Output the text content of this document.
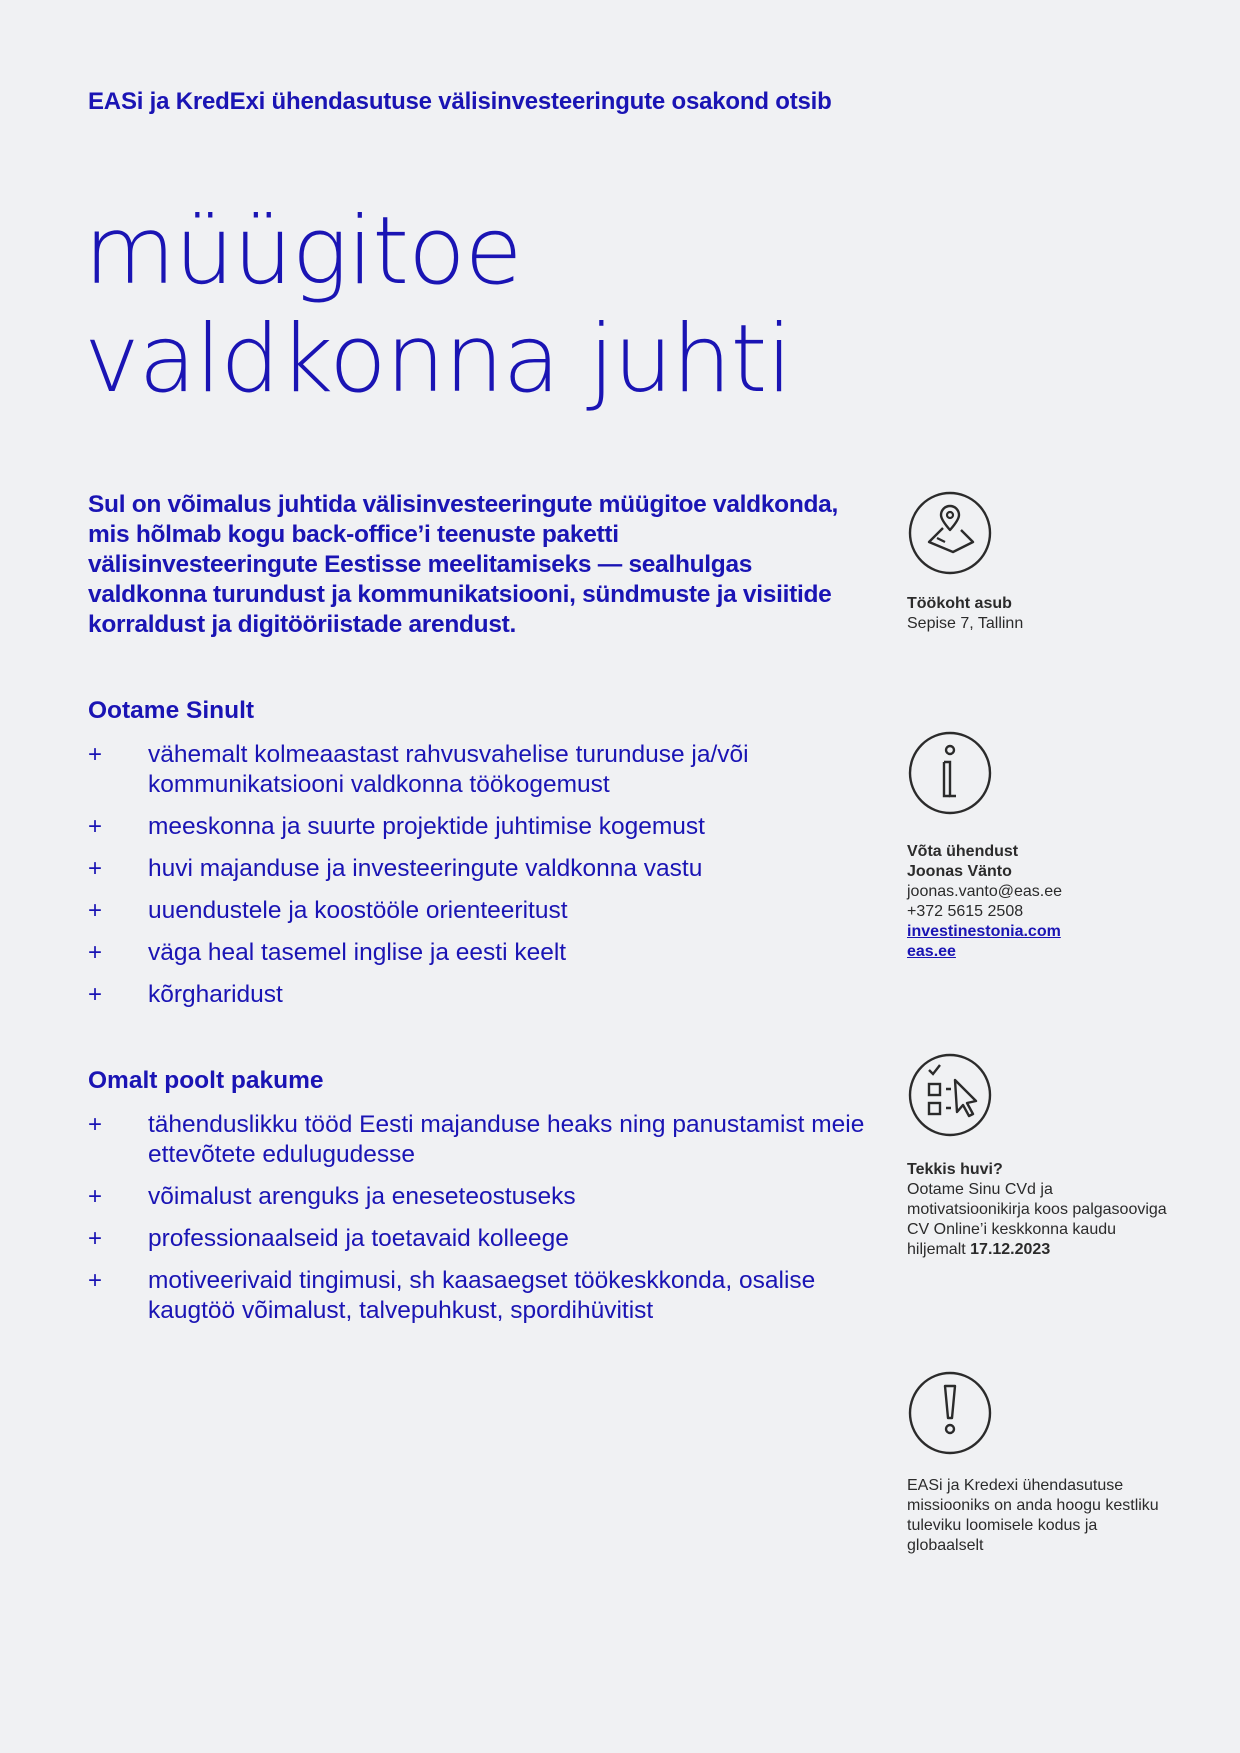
EASi ja KredExi ühendasutuse välisinvesteeringute osakond otsib
müügitoe
valdkonna juhti
Sul on võimalus juhtida välisinvesteeringute müügitoe valdkonda, mis hõlmab kogu back-office’i teenuste paketti välisinvesteeringute Eestisse meelitamiseks — sealhulgas valdkonna turundust ja kommunikatsiooni, sündmuste ja visiitide korraldust ja digitööriistade arendust.
Ootame Sinult
+ vähemalt kolmeaastast rahvusvahelise turunduse ja/või kommunikatsiooni valdkonna töökogemust
+ meeskonna ja suurte projektide juhtimise kogemust
+ huvi majanduse ja investeeringute valdkonna vastu
+ uuendustele ja koostööle orienteeritust
+ väga heal tasemel inglise ja eesti keelt
+ kõrgharidust
Omalt poolt pakume
+ tähenduslikku tööd Eesti majanduse heaks ning panustamist meie ettevõtete edulugudesse
+ võimalust arenguks ja eneseteostuseks
+ professionaalseid ja toetavaid kolleege
+ motiveerivaid tingimusi, sh kaasaegset töökeskkonda, osalise kaugtöö võimalust, talvepuhkust, spordihüvitist
Töökoht asub
Sepise 7, Tallinn
Võta ühendust
Joonas Vänto
joonas.vanto@eas.ee
+372 5615 2508
investinestonia.com
eas.ee
Tekkis huvi?
Ootame Sinu CVd ja motivatsioonikirja koos palgasooviga CV Online’i keskkonna kaudu
hiljemalt 17.12.2023
EASi ja Kredexi ühendasutuse missiooniks on anda hoogu kestliku tuleviku loomisele kodus ja globaalselt
